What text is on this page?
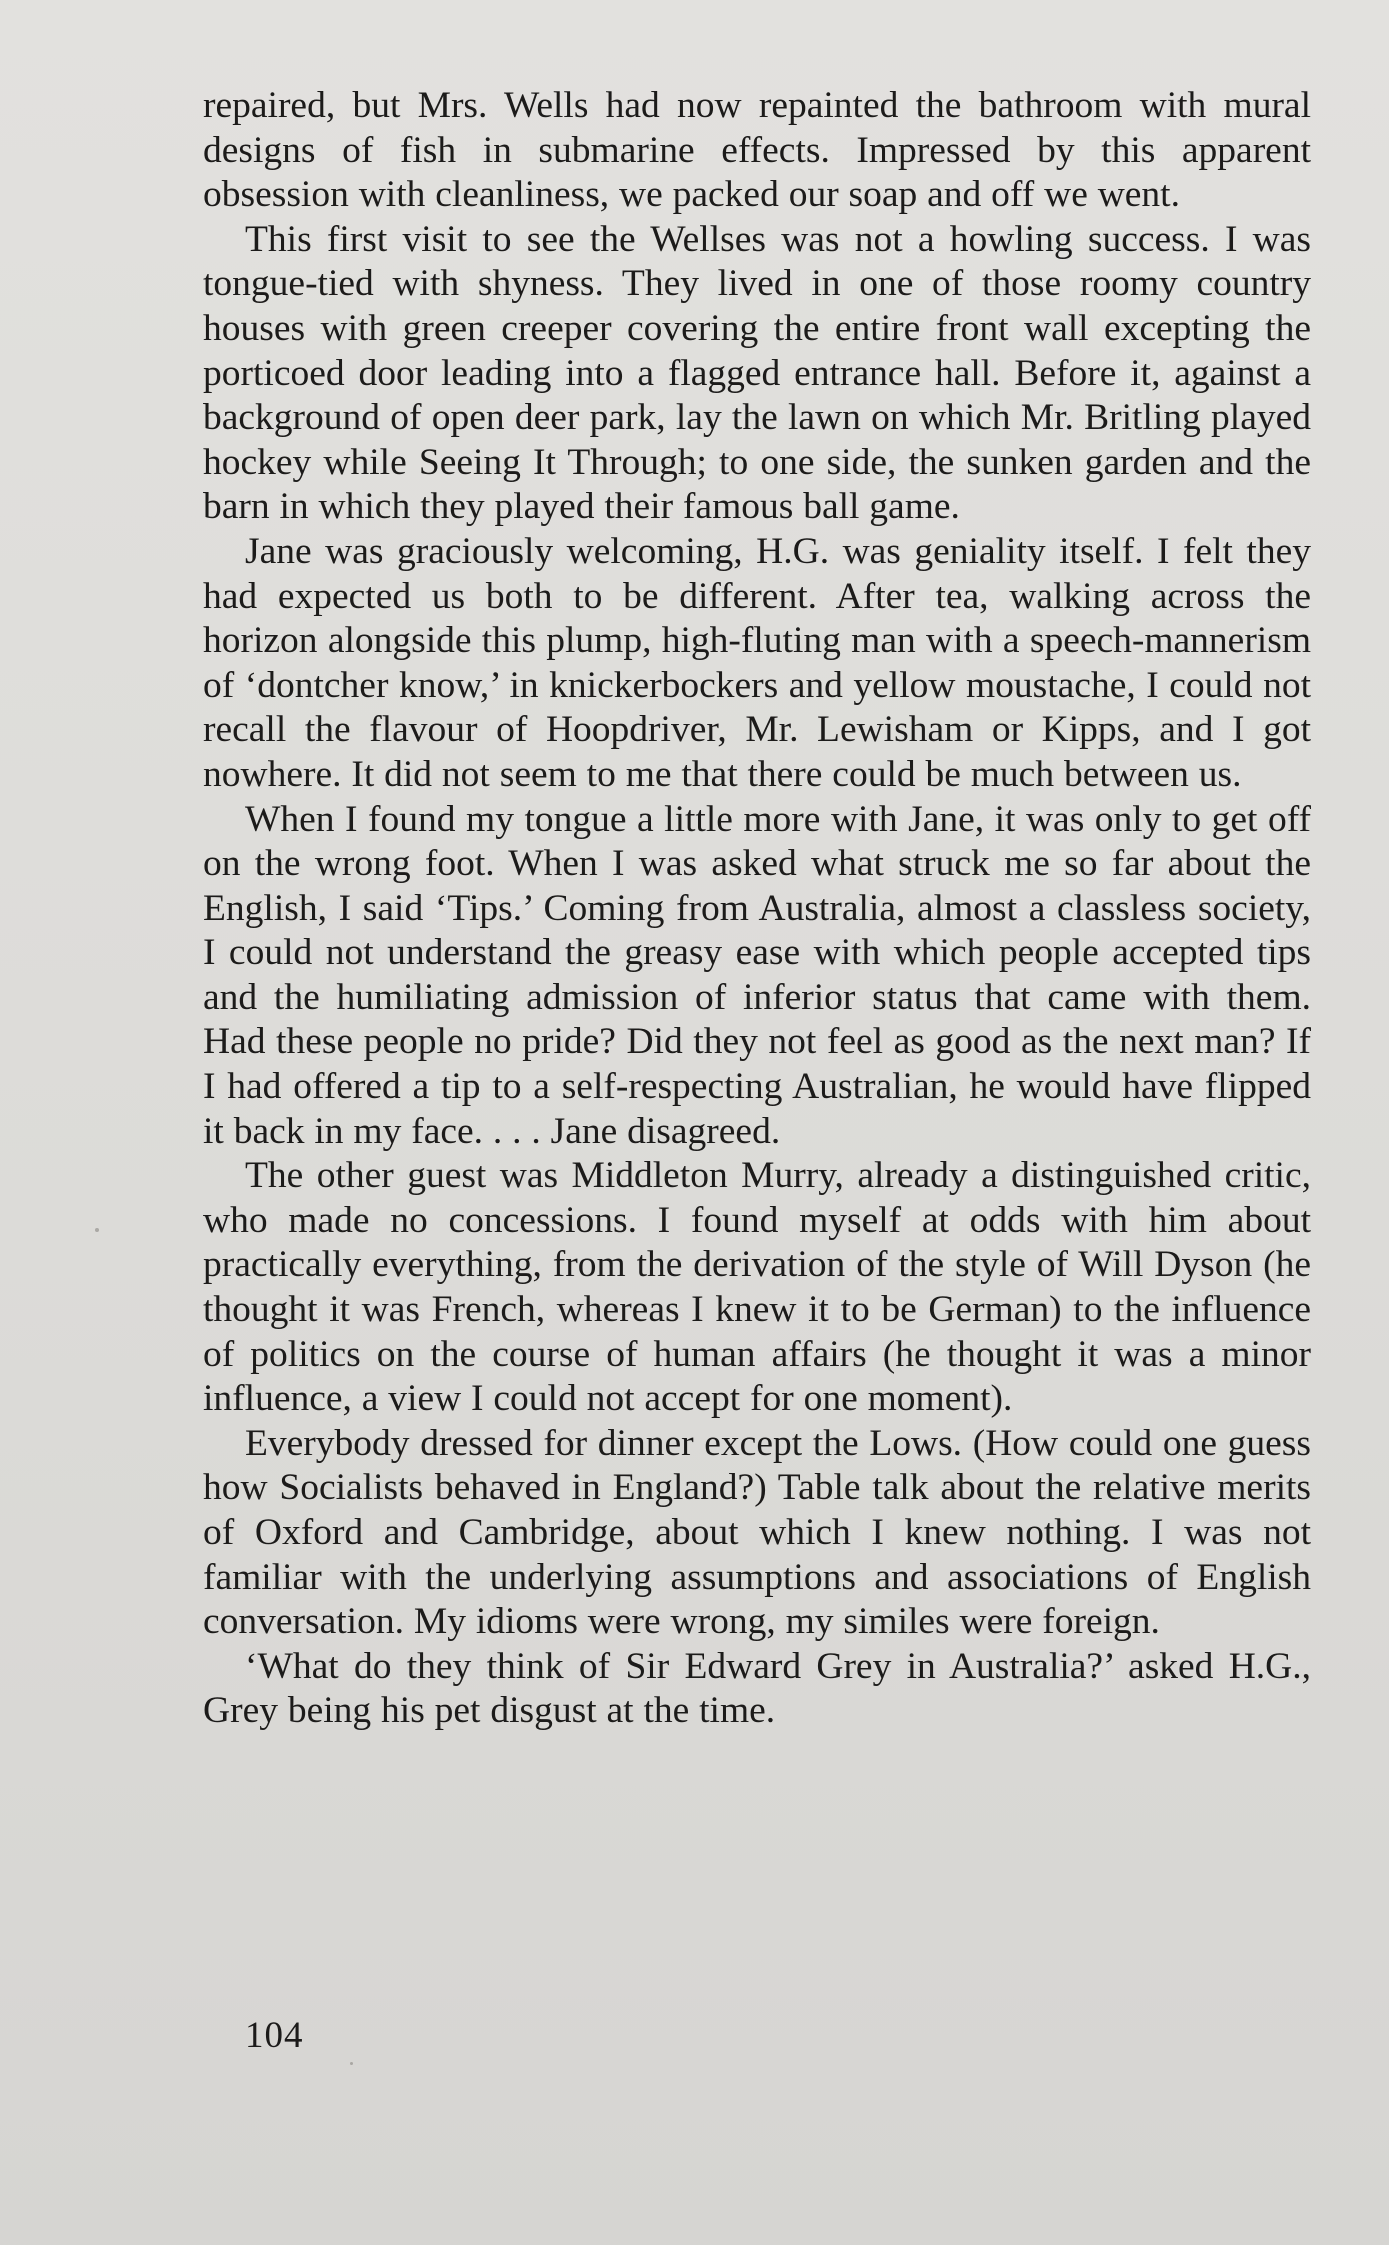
repaired, but Mrs. Wells had now repainted the bathroom with mural designs of fish in submarine effects. Impressed by this apparent obsession with cleanliness, we packed our soap and off we went.

This first visit to see the Wellses was not a howling success. I was tongue-tied with shyness. They lived in one of those roomy country houses with green creeper covering the entire front wall excepting the porticoed door leading into a flagged entrance hall. Before it, against a background of open deer park, lay the lawn on which Mr. Britling played hockey while Seeing It Through; to one side, the sunken garden and the barn in which they played their famous ball game.

Jane was graciously welcoming, H.G. was geniality itself. I felt they had expected us both to be different. After tea, walking across the horizon alongside this plump, high-fluting man with a speech-mannerism of ‘dontcher know,’ in knickerbockers and yellow moustache, I could not recall the flavour of Hoopdriver, Mr. Lewisham or Kipps, and I got nowhere. It did not seem to me that there could be much between us.

When I found my tongue a little more with Jane, it was only to get off on the wrong foot. When I was asked what struck me so far about the English, I said ‘Tips.’ Coming from Australia, almost a classless society, I could not understand the greasy ease with which people accepted tips and the humiliating admission of inferior status that came with them. Had these people no pride? Did they not feel as good as the next man? If I had offered a tip to a self-respecting Australian, he would have flipped it back in my face. . . . Jane disagreed.

The other guest was Middleton Murry, already a distinguished critic, who made no concessions. I found myself at odds with him about practically everything, from the derivation of the style of Will Dyson (he thought it was French, whereas I knew it to be German) to the influence of politics on the course of human affairs (he thought it was a minor influence, a view I could not accept for one moment).

Everybody dressed for dinner except the Lows. (How could one guess how Socialists behaved in England?) Table talk about the relative merits of Oxford and Cambridge, about which I knew nothing. I was not familiar with the underlying assumptions and associations of English conversation. My idioms were wrong, my similes were foreign.

‘What do they think of Sir Edward Grey in Australia?’ asked H.G., Grey being his pet disgust at the time.

104
